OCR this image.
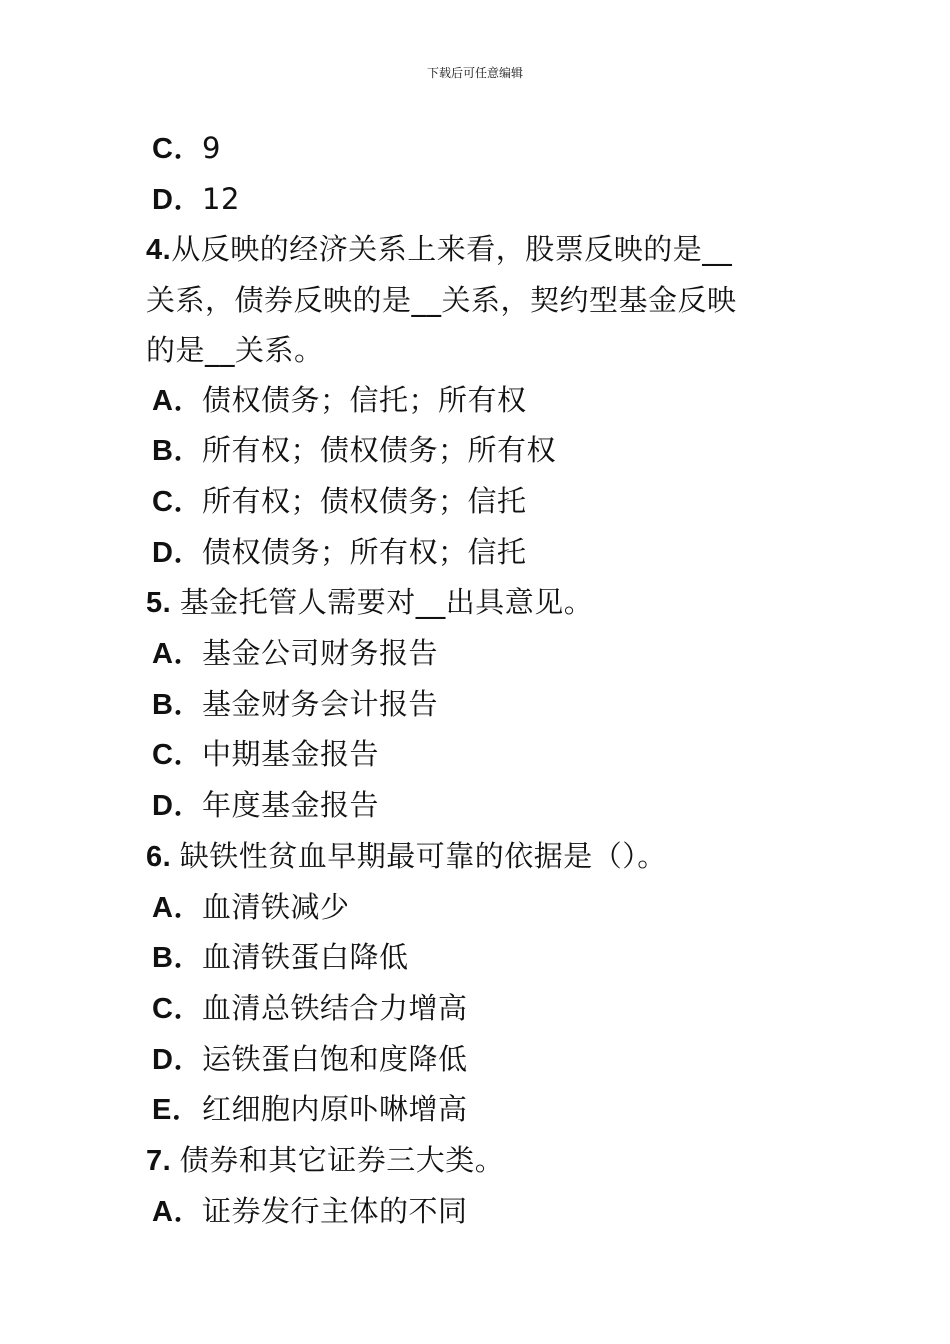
下载后可任意编辑
C．9
D．12
4.从反映的经济关系上来看，股票反映的是__
关系，债券反映的是__关系，契约型基金反映
的是__关系。
A．债权债务；信托；所有权
B．所有权；债权债务；所有权
C．所有权；债权债务；信托
D．债权债务；所有权；信托
5. 基金托管人需要对__出具意见。
A．基金公司财务报告
B．基金财务会计报告
C．中期基金报告
D．年度基金报告
6. 缺铁性贫血早期最可靠的依据是（）。
A．血清铁减少
B．血清铁蛋白降低
C．血清总铁结合力增高
D．运铁蛋白饱和度降低
E．红细胞内原卟啉增高
7. 债券和其它证券三大类。
A．证券发行主体的不同
